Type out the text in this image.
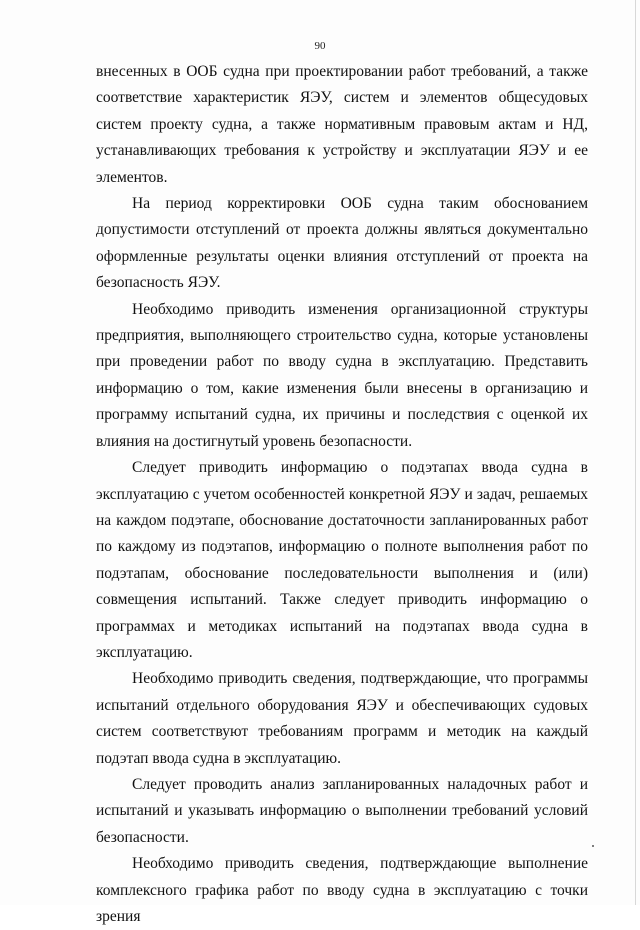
90

внесенных в ООБ судна при проектировании работ требований, а также соответствие характеристик ЯЭУ, систем и элементов общесудовых систем проекту судна, а также нормативным правовым актам и НД, устанавливающих требования к устройству и эксплуатации ЯЭУ и ее элементов.

На период корректировки ООБ судна таким обоснованием допустимости отступлений от проекта должны являться документально оформленные результаты оценки влияния отступлений от проекта на безопасность ЯЭУ.

Необходимо приводить изменения организационной структуры предприятия, выполняющего строительство судна, которые установлены при проведении работ по вводу судна в эксплуатацию. Представить информацию о том, какие изменения были внесены в организацию и программу испытаний судна, их причины и последствия с оценкой их влияния на достигнутый уровень безопасности.

Следует приводить информацию о подэтапах ввода судна в эксплуатацию с учетом особенностей конкретной ЯЭУ и задач, решаемых на каждом подэтапе, обоснование достаточности запланированных работ по каждому из подэтапов, информацию о полноте выполнения работ по подэтапам, обоснование последовательности выполнения и (или) совмещения испытаний. Также следует приводить информацию о программах и методиках испытаний на подэтапах ввода судна в эксплуатацию.

Необходимо приводить сведения, подтверждающие, что программы испытаний отдельного оборудования ЯЭУ и обеспечивающих судовых систем соответствуют требованиям программ и методик на каждый подэтап ввода судна в эксплуатацию.

Следует проводить анализ запланированных наладочных работ и испытаний и указывать информацию о выполнении требований условий безопасности.

Необходимо приводить сведения, подтверждающие выполнение комплексного графика работ по вводу судна в эксплуатацию с точки зрения
